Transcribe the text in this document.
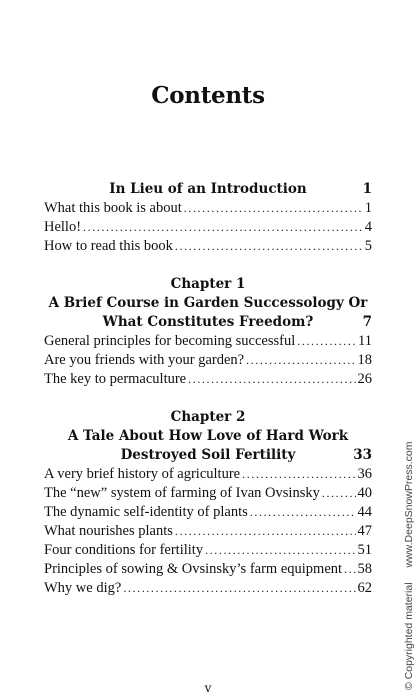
Contents
In Lieu of an Introduction	1
What this book is about .....	1
Hello! .....	4
How to read this book .....	5
Chapter 1
A Brief Course in Garden Successology Or
What Constitutes Freedom?	7
General principles for becoming successful .....	11
Are you friends with your garden? .....	18
The key to permaculture .....	26
Chapter 2
A Tale About How Love of Hard Work
Destroyed Soil Fertility	33
A very brief history of agriculture .....	36
The “new” system of farming of Ivan Ovsinsky .....	40
The dynamic self-identity of plants .....	44
What nourishes plants .....	47
Four conditions for fertility .....	51
Principles of sowing & Ovsinsky’s farm equipment ..... 58
Why we dig? .....	62
v	© Copyrighted material www.DeepSnowPress.com
